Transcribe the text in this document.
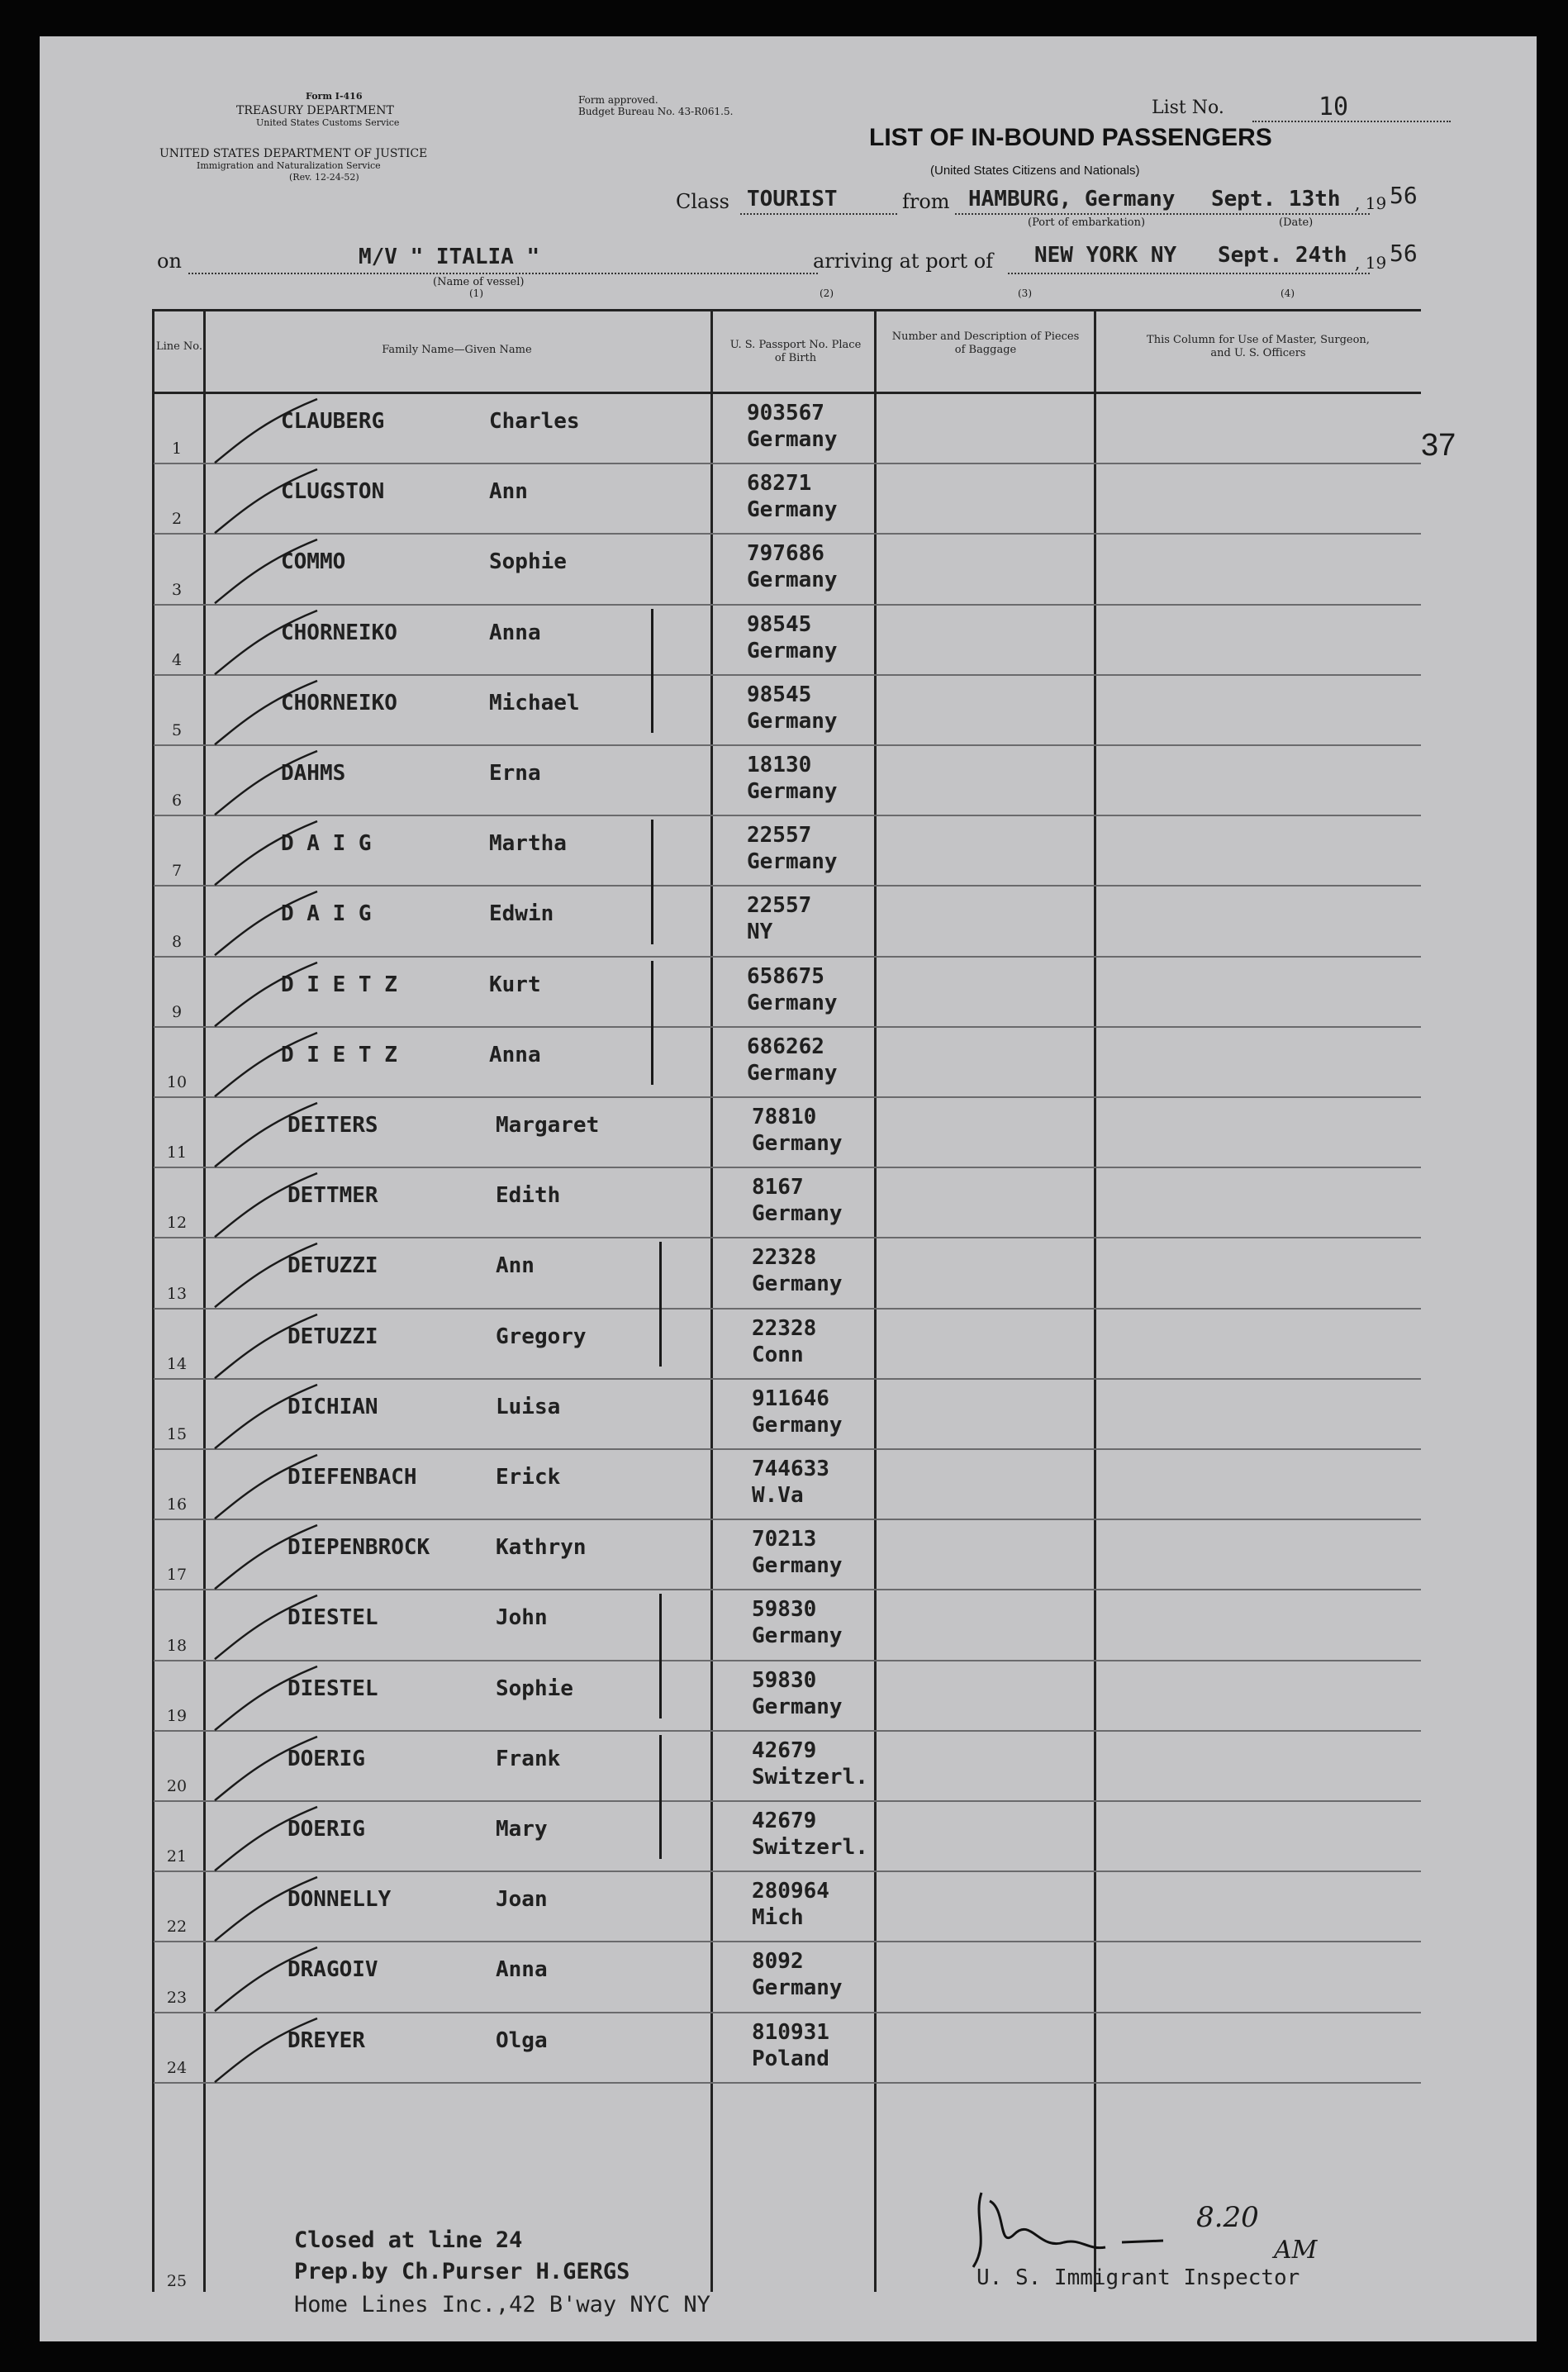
Form I-416
TREASURY DEPARTMENT
United States Customs Service
UNITED STATES DEPARTMENT OF JUSTICE
Immigration and Naturalization Service
(Rev. 12-24-52)
Form approved.
Budget Bureau No. 43-R061.5.	List No.	10
LIST OF IN-BOUND PASSENGERS
(United States Citizens and Nationals)
Class TOURIST	from HAMBURG, Germany Sept. 13th , 19 56
(Port of embarkation)	(Date)
on	M/V " ITALIA "
(Name of vessel)
(1)
arriving at port of NEW YORK NY Sept. 24th , 19 56
(2)	(3)	(4)
37
Line No.	Family Name—Given Name	U. S. Passport No. Place of Birth
Number and Description of Pieces of Baggage
This Column for Use of Master, Surgeon, and U. S. Officers
1
CLAUBERG	Charles	903567
Germany
2
CLUGSTON	Ann	68271
Germany
3
COMMO	Sophie	797686
Germany
4
CHORNEIKO	Anna	98545
Germany
5
CHORNEIKO	Michael	98545
Germany
6
DAHMS	Erna	18130
Germany
7
D A I G	Martha	22557
Germany
8
D A I G	Edwin	22557
NY
9
D I E T Z	Kurt	658675
Germany
10
D I E T Z	Anna	686262
Germany
11
DEITERS	Margaret	78810
Germany
12
DETTMER	Edith	8167
Germany
13
DETUZZI	Ann	22328
Germany
14
DETUZZI	Gregory	22328
Conn
15
DICHIAN	Luisa	911646
Germany
16
DIEFENBACH	Erick	744633
W.Va
17
DIEPENBROCK	Kathryn	70213
Germany
18
DIESTEL	John	59830
Germany
19
DIESTEL	Sophie	59830
Germany
20
DOERIG	Frank	42679
Switzerl.
21
DOERIG	Mary	42679
Switzerl.
22
DONNELLY	Joan	280964
Mich
23
DRAGOIV	Anna	8092
Germany
24
DREYER	Olga	810931
Poland
25
Closed at line 24
Prep.by Ch.Purser H.GERGS
Home Lines Inc.,42 B'way NYC NY
U. S. Immigrant Inspector
8.20
AM
